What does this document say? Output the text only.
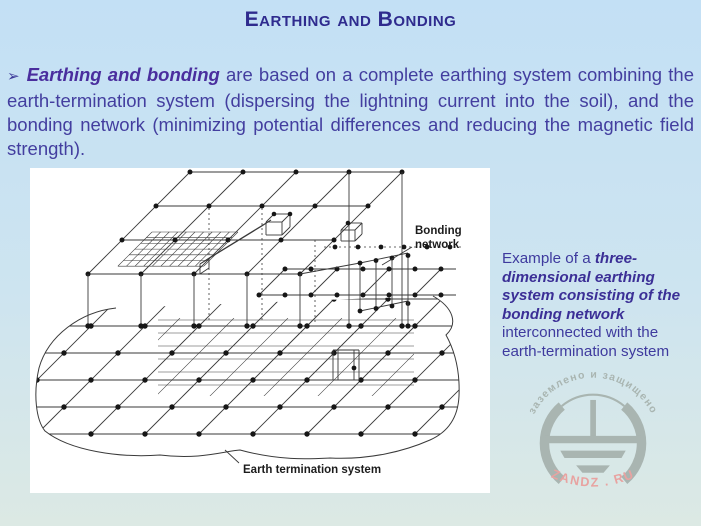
Earthing and Bonding

➢ Earthing and bonding are based on a complete earthing system combining the earth-termination system (dispersing the lightning current into the soil), and the bonding network (minimizing potential differences and reducing the magnetic field strength).

Bonding
network
Earth termination system

Example of a three-dimensional earthing system consisting of the bonding network interconnected with the earth-termination system

заземлено и защищено
ZANDZ . RU
